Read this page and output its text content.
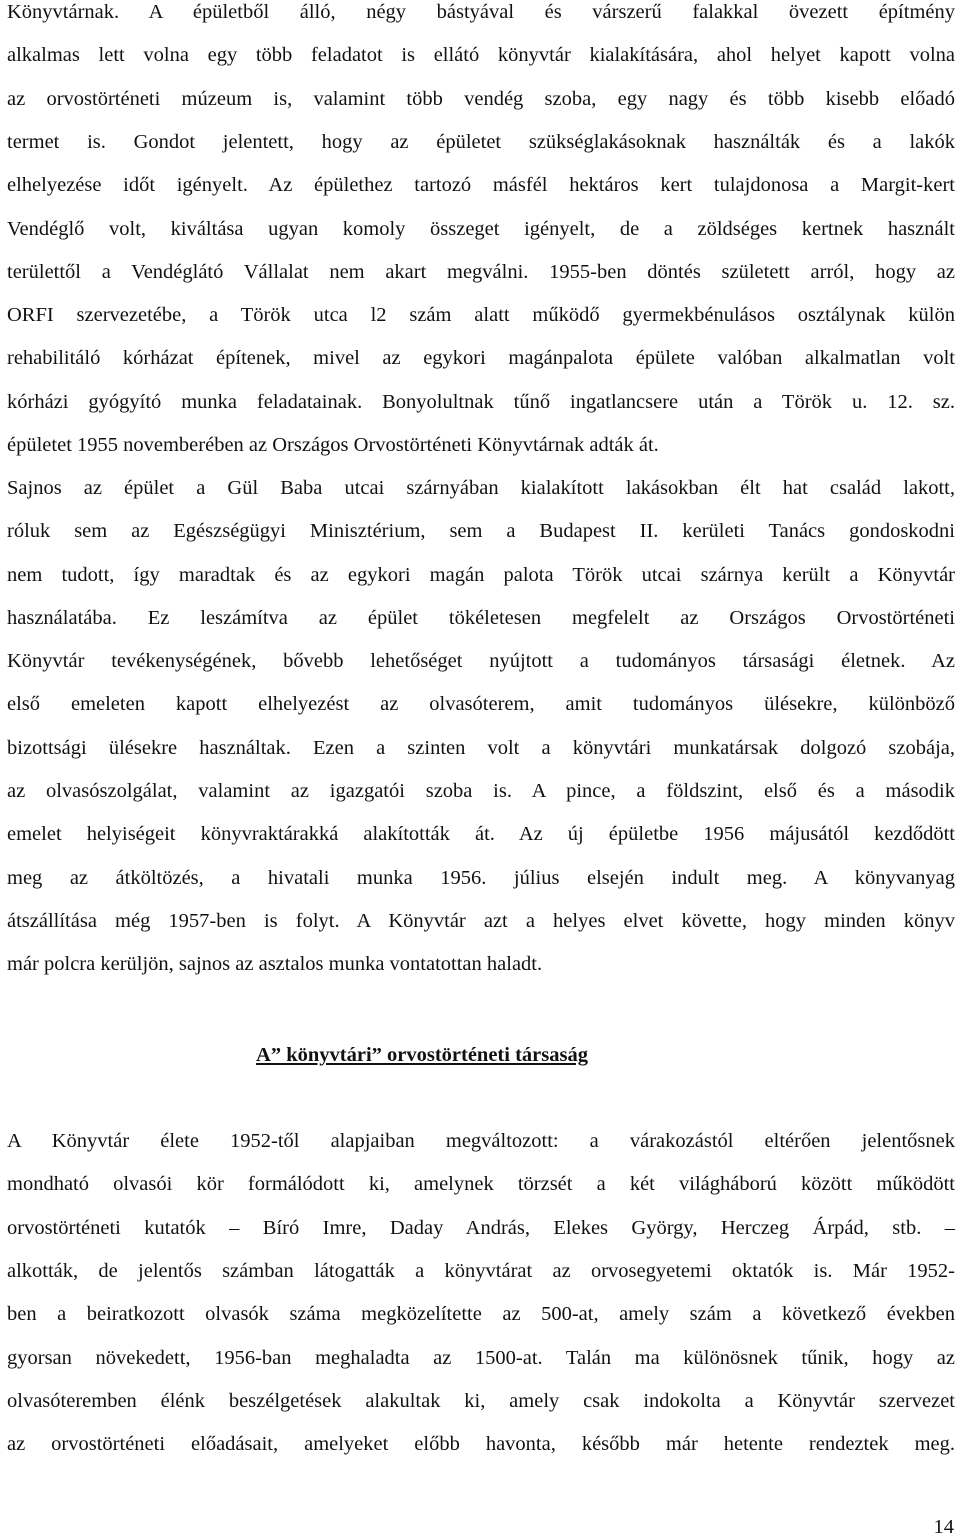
Könyvtárnak. A épületből álló, négy bástyával és várszerű falakkal övezett építmény
alkalmas lett volna egy több feladatot is ellátó könyvtár kialakítására, ahol helyet kapott volna
az orvostörténeti múzeum is, valamint több vendég szoba, egy nagy és több kisebb előadó
termet is. Gondot jelentett, hogy az épületet szükséglakásoknak használták és a lakók
elhelyezése időt igényelt. Az épülethez tartozó másfél hektáros kert tulajdonosa a Margit-kert
Vendéglő volt, kiváltása ugyan komoly összeget igényelt, de a zöldséges kertnek használt
területtől a Vendéglátó Vállalat nem akart megválni. 1955-ben döntés született arról, hogy az
ORFI szervezetébe, a Török utca l2 szám alatt működő gyermekbénulásos osztálynak külön
rehabilitáló kórházat építenek, mivel az egykori magánpalota épülete valóban alkalmatlan volt
kórházi gyógyító munka feladatainak. Bonyolultnak tűnő ingatlancsere után a Török u. 12. sz.
épületet 1955 novemberében az Országos Orvostörténeti Könyvtárnak adták át.
Sajnos az épület a Gül Baba utcai szárnyában kialakított lakásokban élt hat család lakott,
róluk sem az Egészségügyi Minisztérium, sem a Budapest II. kerületi Tanács gondoskodni
nem tudott, így maradtak és az egykori magán palota Török utcai szárnya került a Könyvtár
használatába. Ez leszámítva az épület tökéletesen megfelelt az Országos Orvostörténeti
Könyvtár tevékenységének, bővebb lehetőséget nyújtott a tudományos társasági életnek. Az
első emeleten kapott elhelyezést az olvasóterem, amit tudományos ülésekre, különböző
bizottsági ülésekre használtak. Ezen a szinten volt a könyvtári munkatársak dolgozó szobája,
az olvasószolgálat, valamint az igazgatói szoba is. A pince, a földszint, első és a második
emelet helyiségeit könyvraktárakká alakították át. Az új épületbe 1956 májusától kezdődött
meg az átköltözés, a hivatali munka 1956. július elsején indult meg. A könyvanyag
átszállítása még 1957-ben is folyt. A Könyvtár azt a helyes elvet követte, hogy minden könyv
már polcra kerüljön, sajnos az asztalos munka vontatottan haladt.
A” könyvtári” orvostörténeti társaság
A Könyvtár élete 1952-től alapjaiban megváltozott: a várakozástól eltérően jelentősnek
mondható olvasói kör formálódott ki, amelynek törzsét a két világháború között működött
orvostörténeti kutatók – Bíró Imre, Daday András, Elekes György, Herczeg Árpád, stb. –
alkották, de jelentős számban látogatták a könyvtárat az orvosegyetemi oktatók is. Már 1952-
ben a beiratkozott olvasók száma megközelítette az 500-at, amely szám a következő években
gyorsan növekedett, 1956-ban meghaladta az 1500-at. Talán ma különösnek tűnik, hogy az
olvasóteremben élénk beszélgetések alakultak ki, amely csak indokolta a Könyvtár szervezet
az orvostörténeti előadásait, amelyeket előbb havonta, később már hetente rendeztek meg.
14
